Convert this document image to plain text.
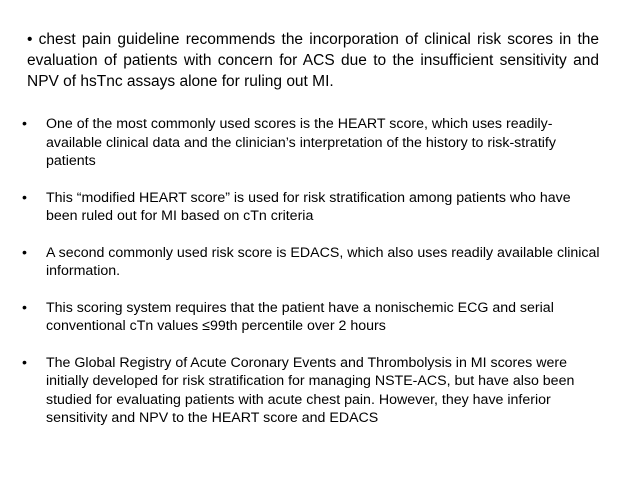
• chest pain guideline recommends the incorporation of clinical risk scores in the evaluation of patients with concern for ACS due to the insufficient sensitivity and NPV of hsTnc assays alone for ruling out MI.
•	One of the most commonly used scores is the HEART score, which uses readily-available clinical data and the clinician’s interpretation of the history to risk-stratify patients
•	This “modified HEART score” is used for risk stratification among patients who have been ruled out for MI based on cTn criteria
•	A second commonly used risk score is EDACS, which also uses readily available clinical information.
•	This scoring system requires that the patient have a nonischemic ECG and serial conventional cTn values ≤99th percentile over 2 hours
•	The Global Registry of Acute Coronary Events and Thrombolysis in MI scores were initially developed for risk stratification for managing NSTE-ACS, but have also been studied for evaluating patients with acute chest pain. However, they have inferior sensitivity and NPV to the HEART score and EDACS
